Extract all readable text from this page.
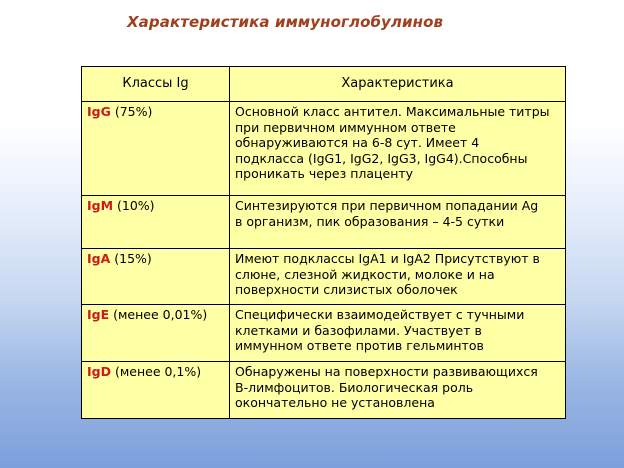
Характеристика иммуноглобулинов
Классы Ig	Характеристика
IgG (75%)	Основной класс антител. Максимальные титры
при первичном иммунном ответе
обнаруживаются на 6-8 сут. Имеет 4
подкласса (IgG1, IgG2, IgG3, IgG4).Способны
проникать через плаценту
IgM (10%)	Синтезируются при первичном попадании Ag
в организм, пик образования – 4-5 сутки
IgA (15%)	Имеют подклассы IgA1 и IgA2 Присутствуют в
слюне, слезной жидкости, молоке и на
поверхности слизистых оболочек
IgE (менее 0,01%)	Специфически взаимодействует с тучными
клетками и базофилами. Участвует в
иммунном ответе против гельминтов
IgD (менее 0,1%)	Обнаружены на поверхности развивающихся
B-лимфоцитов. Биологическая роль
окончательно не установлена
